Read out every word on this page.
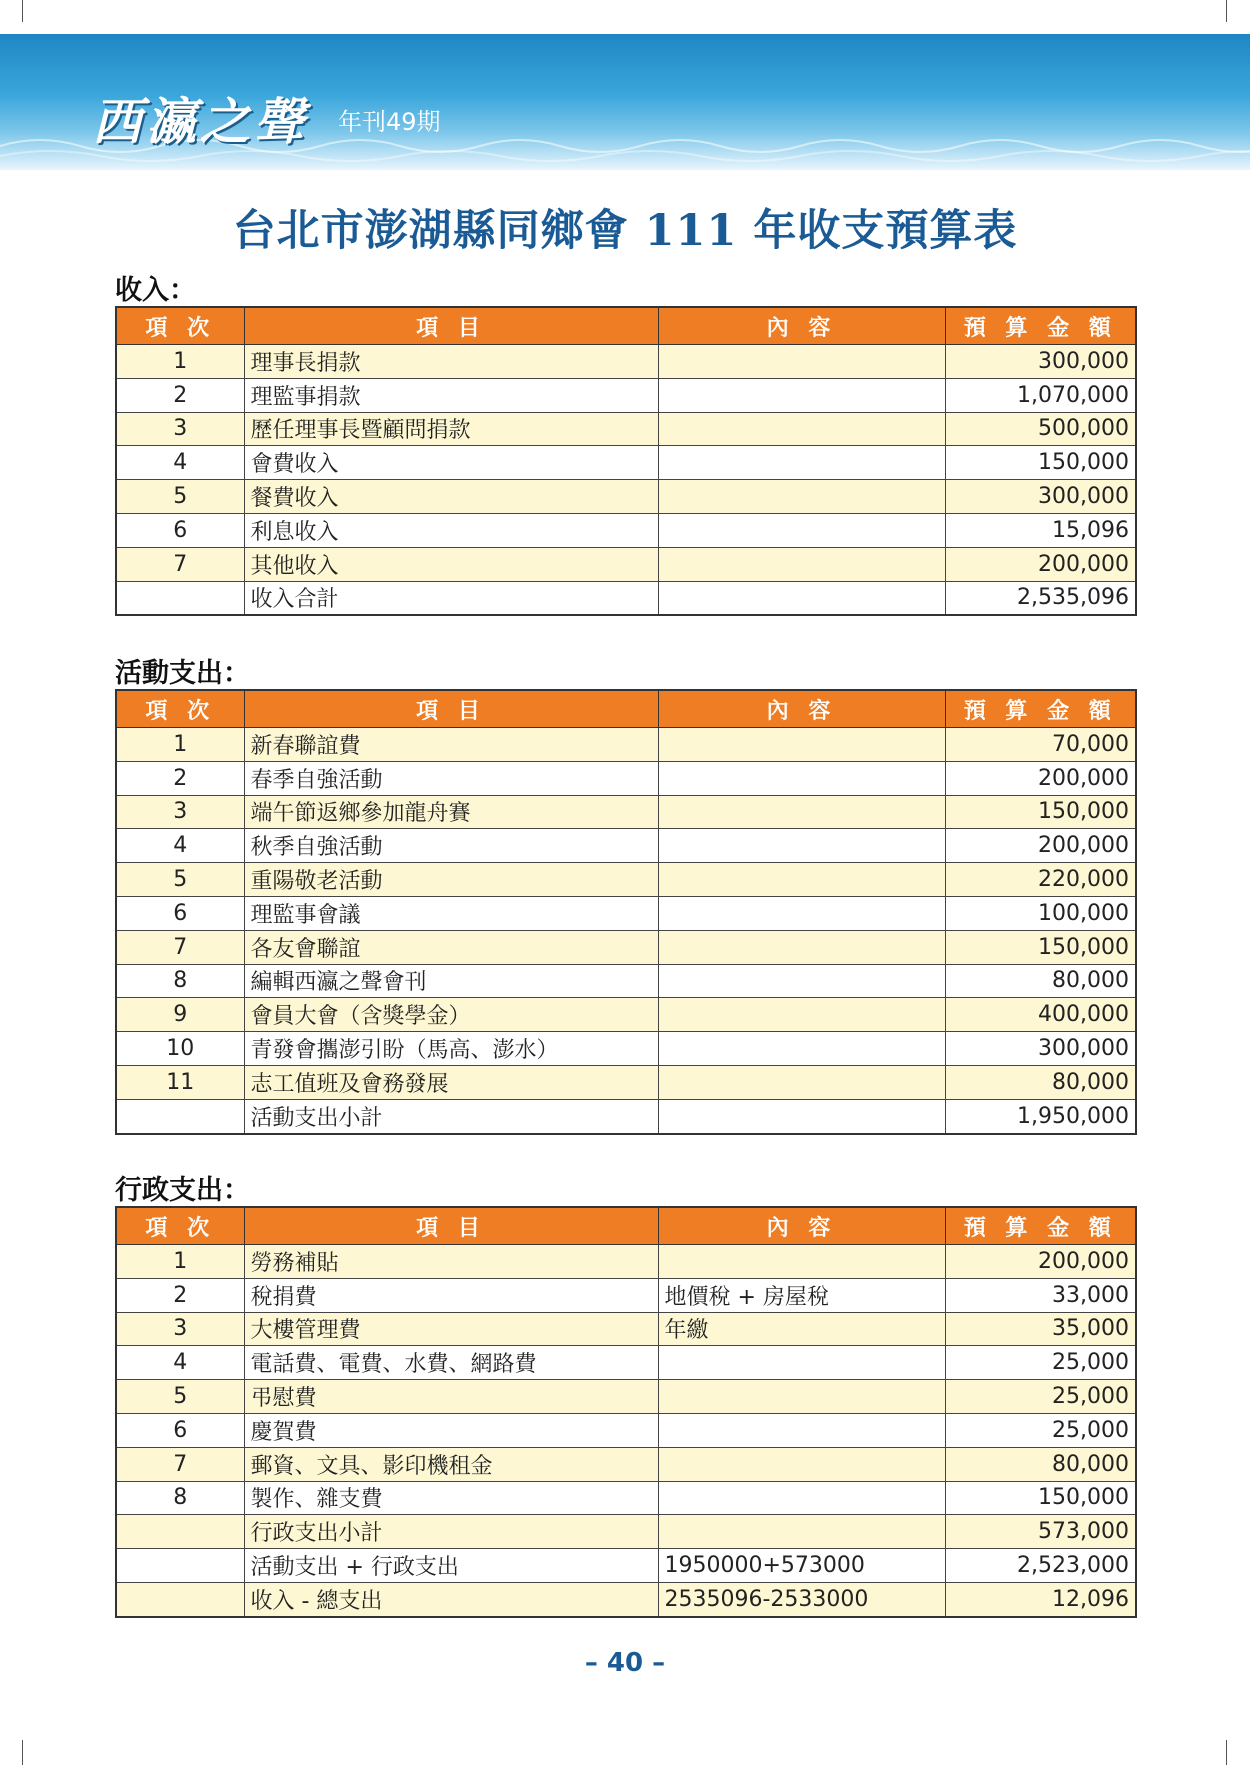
西瀛之聲 年刊49期
台北市澎湖縣同鄉會 111 年收支預算表
收入：
項 次	項 目	內 容	預 算 金 額
1	理事長捐款		300,000
2	理監事捐款		1,070,000
3	歷任理事長暨顧問捐款		500,000
4	會費收入		150,000
5	餐費收入		300,000
6	利息收入		15,096
7	其他收入		200,000
	收入合計		2,535,096
活動支出：
項 次	項 目	內 容	預 算 金 額
1	新春聯誼費		70,000
2	春季自強活動		200,000
3	端午節返鄉參加龍舟賽		150,000
4	秋季自強活動		200,000
5	重陽敬老活動		220,000
6	理監事會議		100,000
7	各友會聯誼		150,000
8	編輯西瀛之聲會刊		80,000
9	會員大會（含獎學金）		400,000
10	青發會攜澎引盼（馬高、澎水）		300,000
11	志工值班及會務發展		80,000
	活動支出小計		1,950,000
行政支出：
項 次	項 目	內 容	預 算 金 額
1	勞務補貼		200,000
2	稅捐費	地價稅 + 房屋稅	33,000
3	大樓管理費	年繳	35,000
4	電話費、電費、水費、網路費		25,000
5	弔慰費		25,000
6	慶賀費		25,000
7	郵資、文具、影印機租金		80,000
8	製作、雜支費		150,000
	行政支出小計		573,000
	活動支出 + 行政支出	1950000+573000	2,523,000
	收入 - 總支出	2535096-2533000	12,096
– 40 –
